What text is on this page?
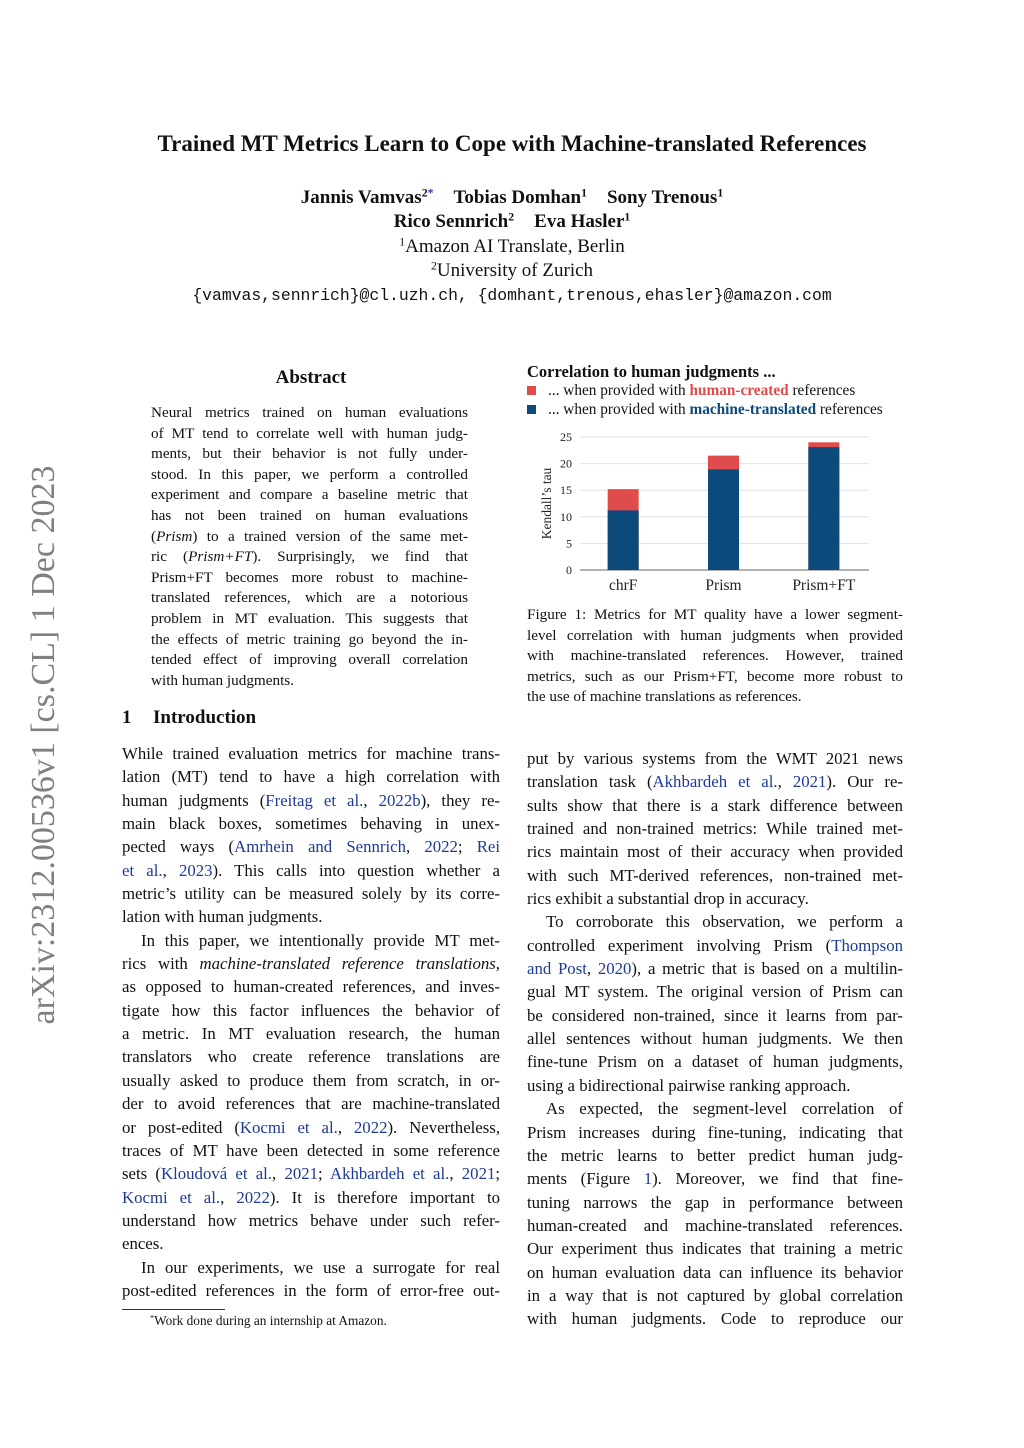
arXiv:2312.00536v1 [cs.CL] 1 Dec 2023
Trained MT Metrics Learn to Cope with Machine-translated References
Jannis Vamvas$^{2*}$ Tobias Domhan$^1$ Sony Trenous$^1$
Rico Sennrich$^2$ Eva Hasler$^1$
$^1$Amazon AI Translate, Berlin
$^2$University of Zurich
{vamvas,sennrich}@cl.uzh.ch, {domhant,trenous,ehasler}@amazon.com
Abstract
Neural metrics trained on human evaluations
of MT tend to correlate well with human judg-
ments, but their behavior is not fully under-
stood. In this paper, we perform a controlled
experiment and compare a baseline metric that
has not been trained on human evaluations
(Prism) to a trained version of the same met-
ric (Prism+FT). Surprisingly, we find that
Prism+FT becomes more robust to machine-
translated references, which are a notorious
problem in MT evaluation. This suggests that
the effects of metric training go beyond the in-
tended effect of improving overall correlation
with human judgments.
1 Introduction
While trained evaluation metrics for machine trans-
lation (MT) tend to have a high correlation with
human judgments (Freitag et al., 2022b), they re-
main black boxes, sometimes behaving in unex-
pected ways (Amrhein and Sennrich, 2022; Rei
et al., 2023). This calls into question whether a
metric’s utility can be measured solely by its corre-
lation with human judgments.
In this paper, we intentionally provide MT met-
rics with machine-translated reference translations,
as opposed to human-created references, and inves-
tigate how this factor influences the behavior of
a metric. In MT evaluation research, the human
translators who create reference translations are
usually asked to produce them from scratch, in or-
der to avoid references that are machine-translated
or post-edited (Kocmi et al., 2022). Nevertheless,
traces of MT have been detected in some reference
sets (Kloudová et al., 2021; Akhbardeh et al., 2021;
Kocmi et al., 2022). It is therefore important to
understand how metrics behave under such refer-
ences.
In our experiments, we use a surrogate for real
post-edited references in the form of error-free out-
*Work done during an internship at Amazon.
Correlation to human judgments ...
... when provided with human-created references
... when provided with machine-translated references
0
5
10
15
20
25
Kendall’s tau
chrF	Prism	Prism+FT
Figure 1: Metrics for MT quality have a lower segment-
level correlation with human judgments when provided
with machine-translated references. However, trained
metrics, such as our Prism+FT, become more robust to
the use of machine translations as references.
put by various systems from the WMT 2021 news
translation task (Akhbardeh et al., 2021). Our re-
sults show that there is a stark difference between
trained and non-trained metrics: While trained met-
rics maintain most of their accuracy when provided
with such MT-derived references, non-trained met-
rics exhibit a substantial drop in accuracy.
To corroborate this observation, we perform a
controlled experiment involving Prism (Thompson
and Post, 2020), a metric that is based on a multilin-
gual MT system. The original version of Prism can
be considered non-trained, since it learns from par-
allel sentences without human judgments. We then
fine-tune Prism on a dataset of human judgments,
using a bidirectional pairwise ranking approach.
As expected, the segment-level correlation of
Prism increases during fine-tuning, indicating that
the metric learns to better predict human judg-
ments (Figure 1). Moreover, we find that fine-
tuning narrows the gap in performance between
human-created and machine-translated references.
Our experiment thus indicates that training a metric
on human evaluation data can influence its behavior
in a way that is not captured by global correlation
with human judgments. Code to reproduce our
